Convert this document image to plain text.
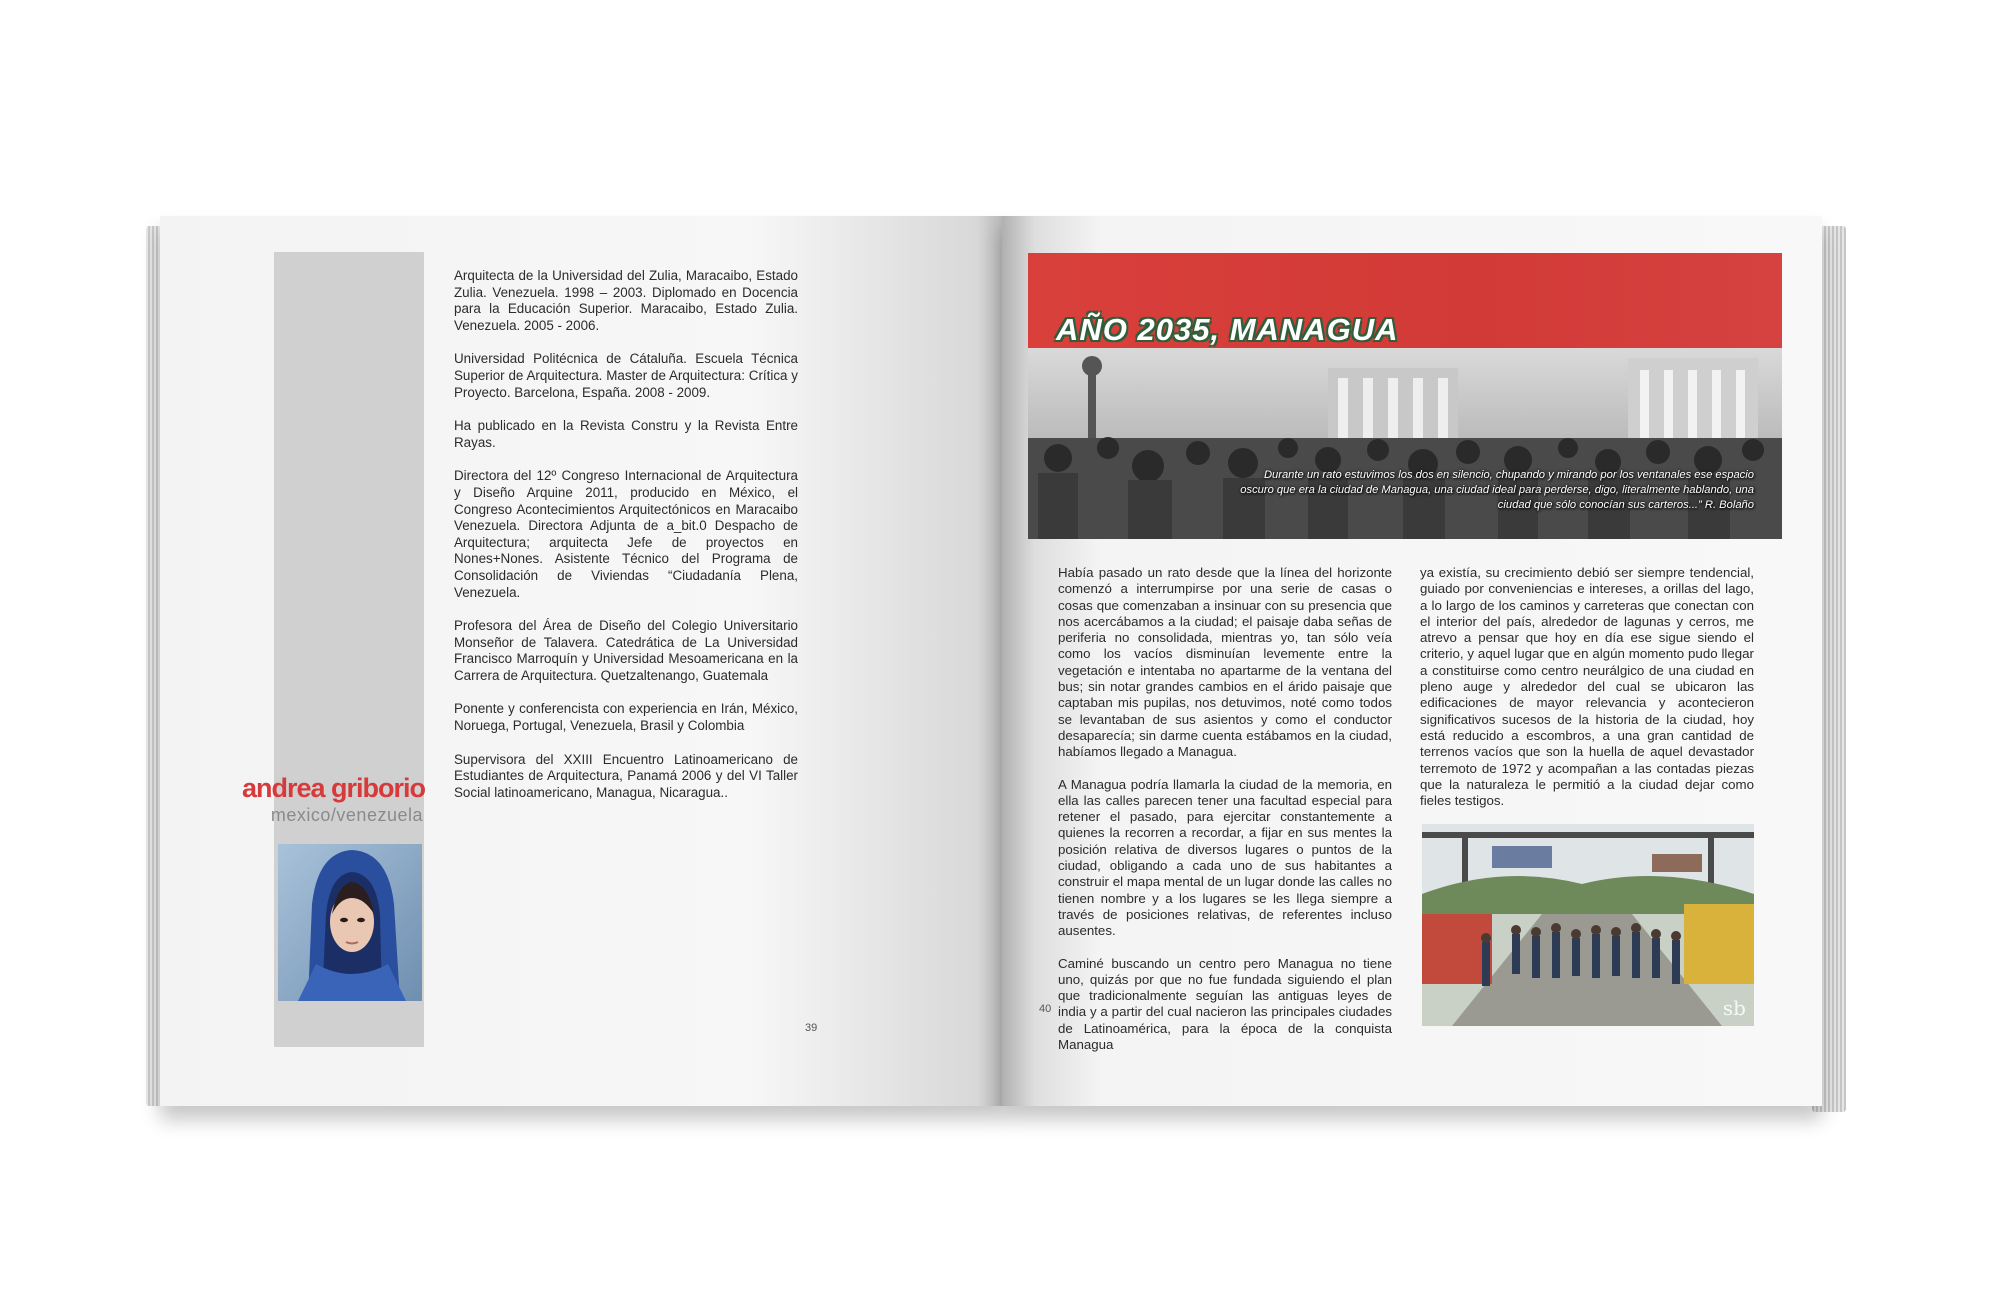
andrea griborio
mexico/venezuela

Arquitecta de la Universidad del Zulia, Maracaibo, Estado Zulia. Venezuela. 1998 – 2003. Diplomado en Docencia para la Educación Superior. Maracaibo, Estado Zulia. Venezuela. 2005 - 2006.

Universidad Politécnica de Cátaluña. Escuela Técnica Superior de Arquitectura. Master de Arquitectura: Crítica y Proyecto. Barcelona, España. 2008 - 2009.

Ha publicado en la Revista Constru y la Revista Entre Rayas.

Directora del 12º Congreso Internacional de Arquitectura y Diseño Arquine 2011, producido en México, el Congreso Acontecimientos Arquitectónicos en Maracaibo Venezuela. Directora Adjunta de a_bit.0 Despacho de Arquitectura; arquitecta Jefe de proyectos en Nones+Nones. Asistente Técnico del Programa de Consolidación de Viviendas “Ciudadanía Plena, Venezuela.

Profesora del Área de Diseño del Colegio Universitario Monseñor de Talavera. Catedrática de La Universidad Francisco Marroquín y Universidad Mesoamericana en la Carrera de Arquitectura. Quetzaltenango, Guatemala

Ponente y conferencista con experiencia en Irán, México, Noruega, Portugal, Venezuela, Brasil y Colombia

Supervisora del XXIII Encuentro Latinoamericano de Estudiantes de Arquitectura, Panamá 2006 y del VI Taller Social latinoamericano, Managua, Nicaragua..

39
Durante un rato estuvimos los dos en silencio, chupando y mirando por los ventanales ese espacio oscuro que era la ciudad de Managua, una ciudad ideal para perderse, digo, literalmente hablando, una ciudad que sólo conocían sus carteros...” R. Bolaño
AÑO 2035, MANAGUA

Había pasado un rato desde que la línea del horizonte comenzó a interrumpirse por una serie de casas o cosas que comenzaban a insinuar con su presencia que nos acercábamos a la ciudad; el paisaje daba señas de periferia no consolidada, mientras yo, tan sólo veía como los vacíos disminuían levemente entre la vegetación e intentaba no apartarme de la ventana del bus; sin notar grandes cambios en el árido paisaje que captaban mis pupilas, nos detuvimos, noté como todos se levantaban de sus asientos y como el conductor desaparecía; sin darme cuenta estábamos en la ciudad, habíamos llegado a Managua.

A Managua podría llamarla la ciudad de la memoria, en ella las calles parecen tener una facultad especial para retener el pasado, para ejercitar constantemente a quienes la recorren a recordar, a fijar en sus mentes la posición relativa de diversos lugares o puntos de la ciudad, obligando a cada uno de sus habitantes a construir el mapa mental de un lugar donde las calles no tienen nombre y a los lugares se les llega siempre a través de posiciones relativas, de referentes incluso ausentes.

Caminé buscando un centro pero Managua no tiene uno, quizás por que no fue fundada siguiendo el plan que tradicionalmente seguían las antiguas leyes de india y a partir del cual nacieron las principales ciudades de Latinoamérica, para la época de la conquista Managua

ya existía, su crecimiento debió ser siempre tendencial, guiado por conveniencias e intereses, a orillas del lago, a lo largo de los caminos y carreteras que conectan con el interior del país, alrededor de lagunas y cerros, me atrevo a pensar que hoy en día ese sigue siendo el criterio, y aquel lugar que en algún momento pudo llegar a constituirse como centro neurálgico de una ciudad en pleno auge y alrededor del cual se ubicaron las edificaciones de mayor relevancia y acontecieron significativos sucesos de la historia de la ciudad, hoy está reducido a escombros, a una gran cantidad de terrenos vacíos que son la huella de aquel devastador terremoto de 1972 y acompañan a las contadas piezas que la naturaleza le permitió a la ciudad dejar como fieles testigos.

sb
40
